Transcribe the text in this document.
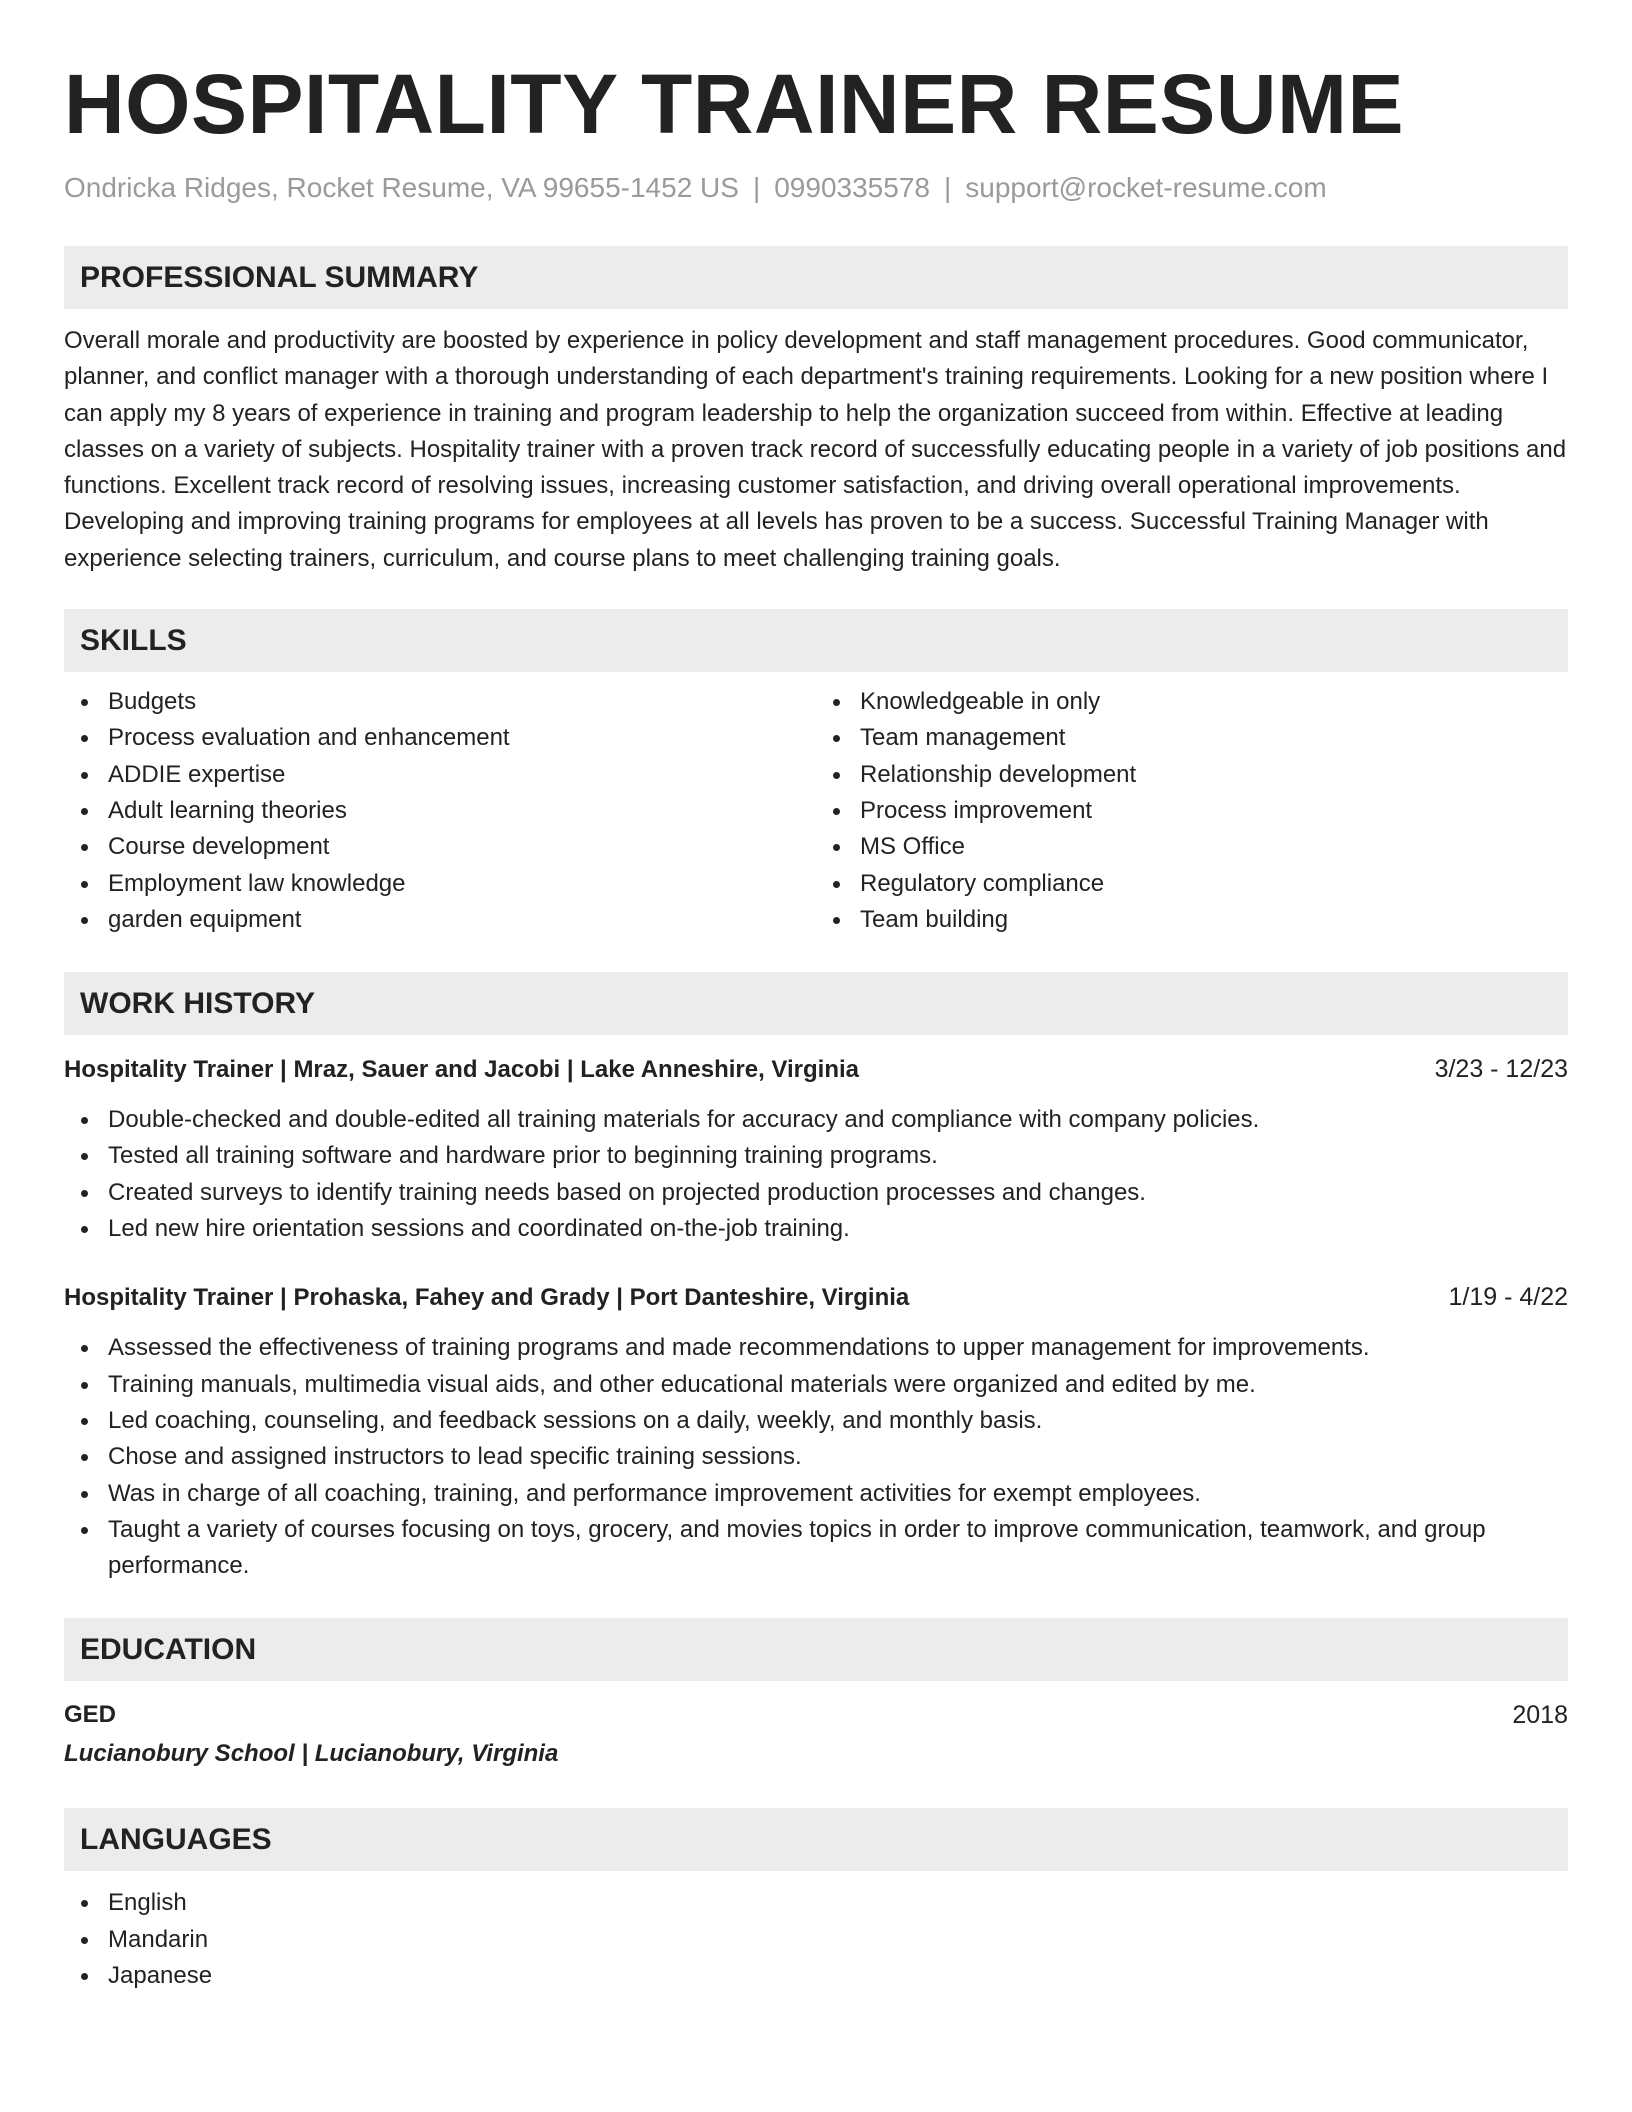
HOSPITALITY TRAINER RESUME
Ondricka Ridges, Rocket Resume, VA 99655-1452 US | 0990335578 | support@rocket-resume.com
PROFESSIONAL SUMMARY

Overall morale and productivity are boosted by experience in policy development and staff management procedures. Good communicator, planner, and conflict manager with a thorough understanding of each department's training requirements. Looking for a new position where I can apply my 8 years of experience in training and program leadership to help the organization succeed from within. Effective at leading classes on a variety of subjects. Hospitality trainer with a proven track record of successfully educating people in a variety of job positions and functions. Excellent track record of resolving issues, increasing customer satisfaction, and driving overall operational improvements. Developing and improving training programs for employees at all levels has proven to be a success. Successful Training Manager with experience selecting trainers, curriculum, and course plans to meet challenging training goals.

SKILLS
Budgets
Process evaluation and enhancement
ADDIE expertise
Adult learning theories
Course development
Employment law knowledge
garden equipment
Knowledgeable in only
Team management
Relationship development
Process improvement
MS Office
Regulatory compliance
Team building
WORK HISTORY
Hospitality Trainer | Mraz, Sauer and Jacobi | Lake Anneshire, Virginia	3/23 - 12/23
Double-checked and double-edited all training materials for accuracy and compliance with company policies.
Tested all training software and hardware prior to beginning training programs.
Created surveys to identify training needs based on projected production processes and changes.
Led new hire orientation sessions and coordinated on-the-job training.
Hospitality Trainer | Prohaska, Fahey and Grady | Port Danteshire, Virginia	1/19 - 4/22
Assessed the effectiveness of training programs and made recommendations to upper management for improvements.
Training manuals, multimedia visual aids, and other educational materials were organized and edited by me.
Led coaching, counseling, and feedback sessions on a daily, weekly, and monthly basis.
Chose and assigned instructors to lead specific training sessions.
Was in charge of all coaching, training, and performance improvement activities for exempt employees.
Taught a variety of courses focusing on toys, grocery, and movies topics in order to improve communication, teamwork, and group performance.
EDUCATION
GED	2018
Lucianobury School | Lucianobury, Virginia
LANGUAGES
English
Mandarin
Japanese
